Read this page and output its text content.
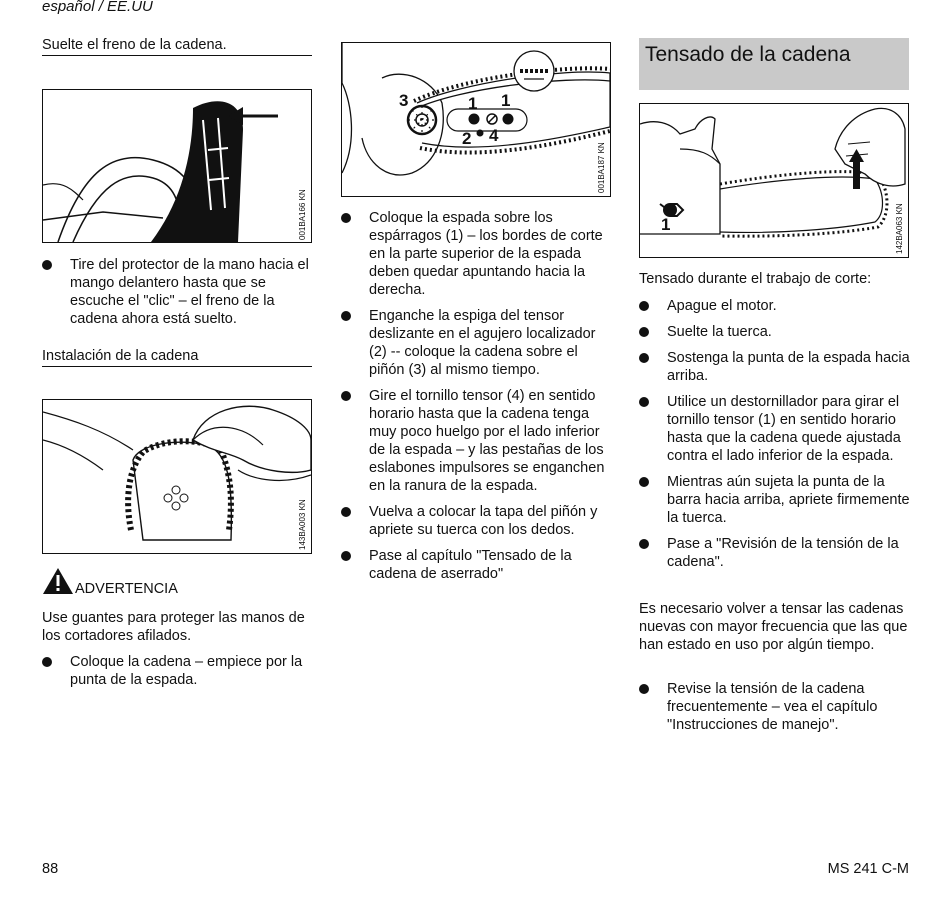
español / EE.UU
Suelte el freno de la cadena.
001BA166 KN
Tire del protector de la mano hacia el mango delantero hasta que se escuche el "clic" – el freno de la cadena ahora está suelto.
Instalación de la cadena
143BA003 KN
ADVERTENCIA
Use guantes para proteger las manos de los cortadores afilados.
Coloque la cadena – empiece por la punta de la espada.
3	1 1
2 4
001BA187 KN
Coloque la espada sobre los espárragos (1) – los bordes de corte en la parte superior de la espada deben quedar apuntando hacia la derecha.
Enganche la espiga del tensor deslizante en el agujero localizador (2) -- coloque la cadena sobre el piñón (3) al mismo tiempo.
Gire el tornillo tensor (4) en sentido horario hasta que la cadena tenga muy poco huelgo por el lado inferior de la espada – y las pestañas de los eslabones impulsores se enganchen en la ranura de la espada.
Vuelva a colocar la tapa del piñón y apriete su tuerca con los dedos.
Pase al capítulo "Tensado de la cadena de aserrado"
Tensado de la cadena
1	142BA063 KN
Tensado durante el trabajo de corte:
Apague el motor.
Suelte la tuerca.
Sostenga la punta de la espada hacia arriba.
Utilice un destornillador para girar el tornillo tensor (1) en sentido horario hasta que la cadena quede ajustada contra el lado inferior de la espada.
Mientras aún sujeta la punta de la barra hacia arriba, apriete firmemente la tuerca.
Pase a "Revisión de la tensión de la cadena".
Es necesario volver a tensar las cadenas nuevas con mayor frecuencia que las que han estado en uso por algún tiempo.
Revise la tensión de la cadena frecuentemente – vea el capítulo "Instrucciones de manejo".
88	MS 241 C-M
